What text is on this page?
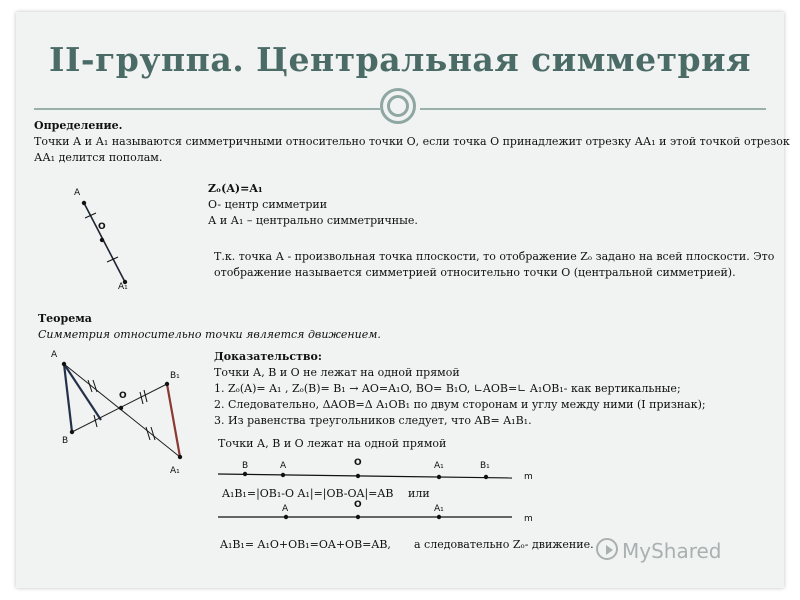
II-группа. Центральная симметрия
Определение.
Точки А и А₁ называются симметричными относительно точки О, если точка О принадлежит отрезку АА₁ и этой точкой отрезок
АА₁ делится пополам.
A
O
A₁
Zₒ(A)=A₁
O- центр симметрии
А и А₁ – центрально симметричные.
Т.к. точка А - произвольная точка плоскости, то отображение Zₒ задано на всей плоскости. Это
отображение называется симметрией относительно точки О (центральной симметрией).
Теорема
Симметрия относительно точки является движением.
A
B
O
B₁
A₁
Доказательство:
Точки А, В и О не лежат на одной прямой
1. Zₒ(A)= A₁ , Zₒ(B)= B₁ → AO=A₁O, BO= B₁O, ∟AOB=∟ A₁OB₁- как вертикальные;
2. Следовательно, ΔAOB=Δ A₁OB₁ по двум сторонам и углу между ними (I признак);
3. Из равенства треугольников следует, что AB= A₁B₁.
Точки А, В и О лежат на одной прямой
B	A	O	A₁	B₁
m
A₁B₁=|OB₁-O A₁|=|OB-OA|=AB или
A	O	A₁
m
A₁B₁= A₁O+OB₁=OA+OB=AB, а следовательно Zₒ- движение. MyShared
